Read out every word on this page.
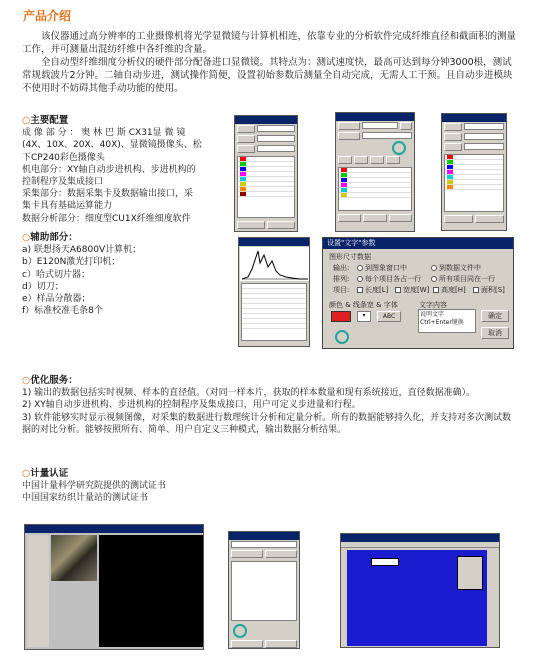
产品介绍
该仪器通过高分辨率的工业摄像机将光学显微镜与计算机相连，依靠专业的分析软件完成纤维直径和截面积的测量工作，并可测量出混纺纤维中各纤维的含量。
全自动型纤维细度分析仪的硬件部分配备进口显微镜。其特点为：测试速度快，最高可达到每分钟3000根，测试常规载波片2分钟。二轴自动步进，测试操作简便，设置初始参数后测量全自动完成，无需人工干预。且自动步进模块不使用时不妨碍其他手动功能的使用。
○主要配置
成 像 部 分 ： 奥 林 巴 斯 CX31显 微 镜
(4X、10X、20X、40X)、显微镜摄像头、松
下CP240彩色摄像头
机电部分：XY轴自动步进机构、步进机构的
控制程序及集成接口
采集部分：数据采集卡及数据输出接口，采
集卡具有基础运算能力
数据分析部分：细度型CU1X纤维细度软件
○辅助部分：
a) 联想扬天A6800V计算机；
b）E120N激光打印机；
c）哈式切片器；
d）切刀；
e）样品分散器；
f）标准校准毛条8个
设置"文字"参数
图形尺寸数据
输出:	到图象窗口中	到数据文件中
排列:	每个项目各占一行	所有项目同在一行
项目:	长度[L]	宽度[W]	高度[H]	面积[S]
颜色 & 线条宽 & 字体
▾	ABC
文字内容
说明文字
Ctrl+Enter键换
确定
取消
○优化服务：
1) 输出的数据包括实时视频、样本的直径值。（对同一样本片，获取的样本数量和现有系统接近，直径数据准确）。
2) XY轴自动步进机构、步进机构的控制程序及集成接口，用户可定义步进量和行程。
3) 软件能够实时显示视频图像，对采集的数据进行数理统计分析和定量分析。所有的数据能够持久化，并支持对多次测试数据的对比分析。能够按照所有、简单、用户自定义三种模式，输出数据分析结果。
○计量认证
中国计量科学研究院提供的测试证书
中国国家纺织计量站的测试证书
